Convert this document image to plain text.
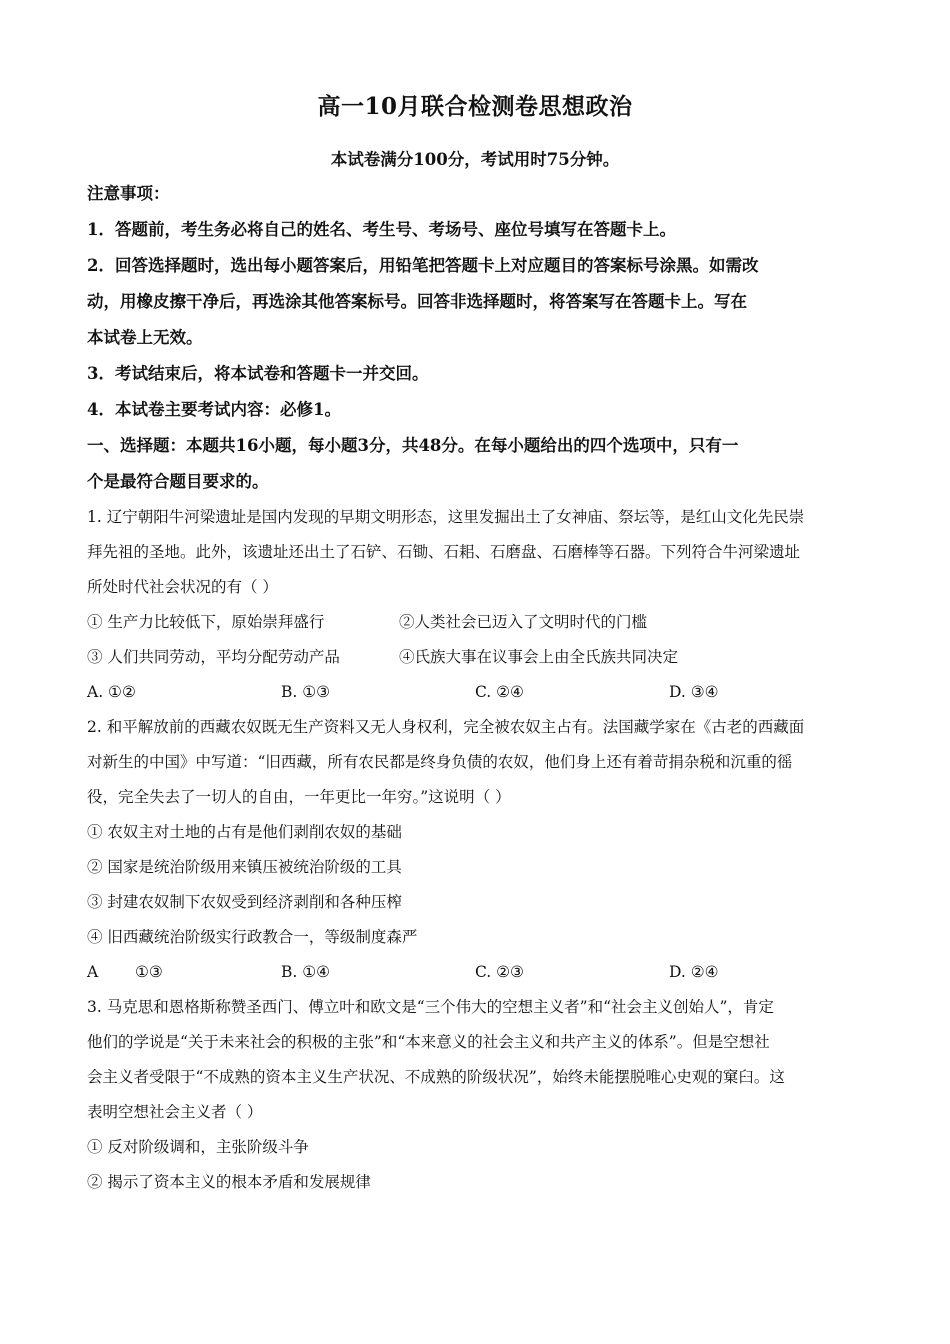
高一10月联合检测卷思想政治
本试卷满分100分，考试用时75分钟。
注意事项：
1．答题前，考生务必将自己的姓名、考生号、考场号、座位号填写在答题卡上。
2．回答选择题时，选出每小题答案后，用铅笔把答题卡上对应题目的答案标号涂黑。如需改
动，用橡皮擦干净后，再选涂其他答案标号。回答非选择题时，将答案写在答题卡上。写在
本试卷上无效。
3．考试结束后，将本试卷和答题卡一并交回。
4．本试卷主要考试内容：必修1。
一、选择题：本题共16小题，每小题3分，共48分。在每小题给出的四个选项中，只有一
个是最符合题目要求的。
1. 辽宁朝阳牛河梁遗址是国内发现的早期文明形态，这里发掘出土了女神庙、祭坛等，是红山文化先民崇
拜先祖的圣地。此外，该遗址还出土了石铲、石锄、石耜、石磨盘、石磨棒等石器。下列符合牛河梁遗址
所处时代社会状况的有（ ）
① 生产力比较低下，原始崇拜盛行	②人类社会已迈入了文明时代的门槛
③ 人们共同劳动，平均分配劳动产品	④氏族大事在议事会上由全氏族共同决定
A. ①②	B. ①③	C. ②④	D. ③④
2. 和平解放前的西藏农奴既无生产资料又无人身权利，完全被农奴主占有。法国藏学家在《古老的西藏面
对新生的中国》中写道：“旧西藏，所有农民都是终身负债的农奴，他们身上还有着苛捐杂税和沉重的徭
役，完全失去了一切人的自由，一年更比一年穷。”这说明（ ）
① 农奴主对土地的占有是他们剥削农奴的基础
② 国家是统治阶级用来镇压被统治阶级的工具
③ 封建农奴制下农奴受到经济剥削和各种压榨
④ 旧西藏统治阶级实行政教合一，等级制度森严
A ①③	B. ①④	C. ②③	D. ②④
3. 马克思和恩格斯称赞圣西门、傅立叶和欧文是“三个伟大的空想主义者”和“社会主义创始人”，肯定
他们的学说是“关于未来社会的积极的主张”和“本来意义的社会主义和共产主义的体系”。但是空想社
会主义者受限于“不成熟的资本主义生产状况、不成熟的阶级状况”，始终未能摆脱唯心史观的窠臼。这
表明空想社会主义者（ ）
① 反对阶级调和，主张阶级斗争
② 揭示了资本主义的根本矛盾和发展规律
